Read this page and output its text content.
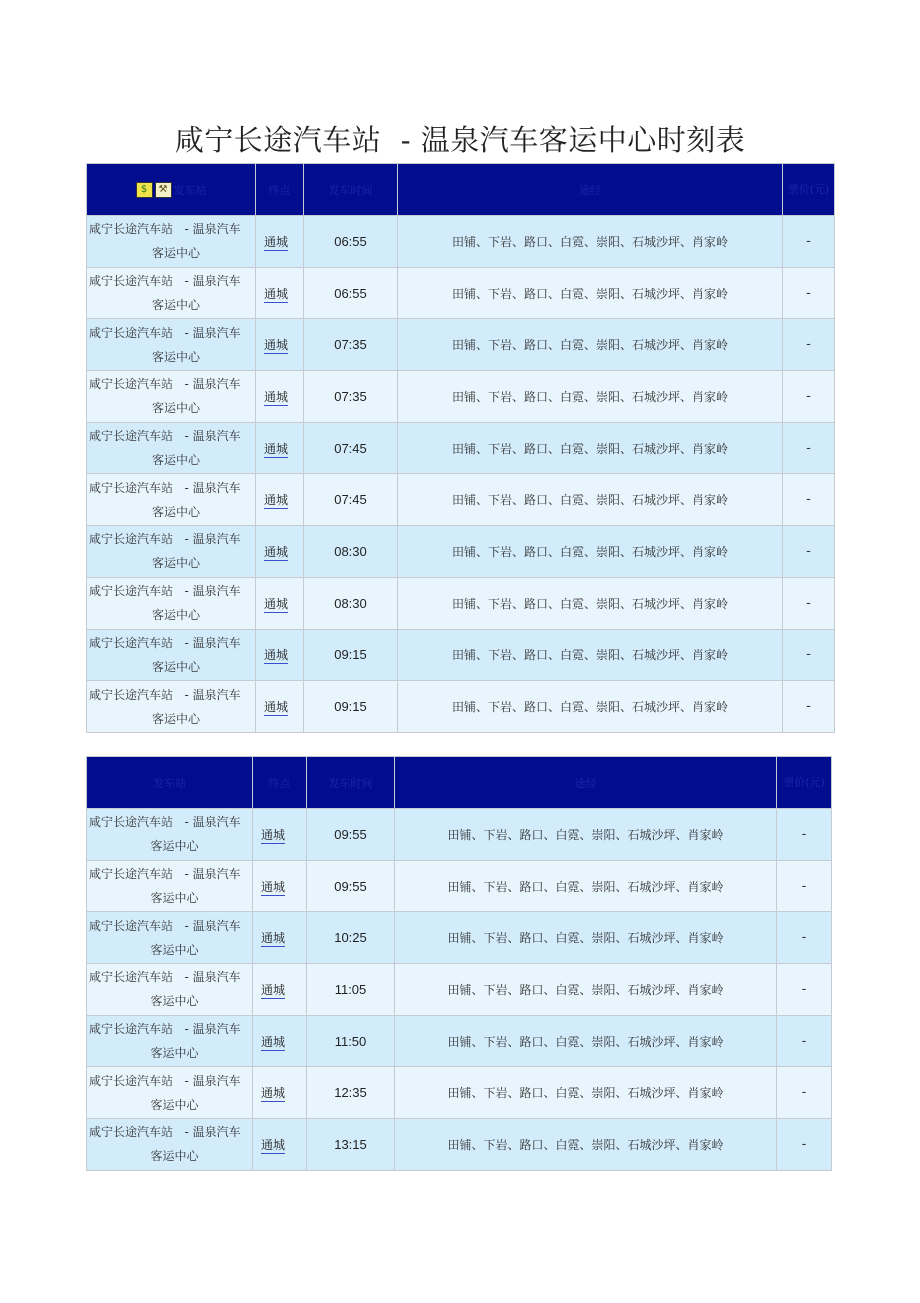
咸宁长途汽车站  - 温泉汽车客运中心时刻表
$ ⚒ 发车站	终点	发车时间	途经	票价(元)

咸宁长途汽车站   - 温泉汽车
客运中心	通城	06:55	田铺、下岩、路口、白霓、崇阳、石城沙坪、肖家岭	-

咸宁长途汽车站   - 温泉汽车
客运中心	通城	06:55	田铺、下岩、路口、白霓、崇阳、石城沙坪、肖家岭	-

咸宁长途汽车站   - 温泉汽车
客运中心	通城	07:35	田铺、下岩、路口、白霓、崇阳、石城沙坪、肖家岭	-

咸宁长途汽车站   - 温泉汽车
客运中心	通城	07:35	田铺、下岩、路口、白霓、崇阳、石城沙坪、肖家岭	-

咸宁长途汽车站   - 温泉汽车
客运中心	通城	07:45	田铺、下岩、路口、白霓、崇阳、石城沙坪、肖家岭	-

咸宁长途汽车站   - 温泉汽车
客运中心	通城	07:45	田铺、下岩、路口、白霓、崇阳、石城沙坪、肖家岭	-

咸宁长途汽车站   - 温泉汽车
客运中心	通城	08:30	田铺、下岩、路口、白霓、崇阳、石城沙坪、肖家岭	-

咸宁长途汽车站   - 温泉汽车
客运中心	通城	08:30	田铺、下岩、路口、白霓、崇阳、石城沙坪、肖家岭	-

咸宁长途汽车站   - 温泉汽车
客运中心	通城	09:15	田铺、下岩、路口、白霓、崇阳、石城沙坪、肖家岭	-

咸宁长途汽车站   - 温泉汽车
客运中心	通城	09:15	田铺、下岩、路口、白霓、崇阳、石城沙坪、肖家岭	-
发车站	终点	发车时间	途经	票价(元)

咸宁长途汽车站   - 温泉汽车
客运中心	通城	09:55	田铺、下岩、路口、白霓、崇阳、石城沙坪、肖家岭	-

咸宁长途汽车站   - 温泉汽车
客运中心	通城	09:55	田铺、下岩、路口、白霓、崇阳、石城沙坪、肖家岭	-

咸宁长途汽车站   - 温泉汽车
客运中心	通城	10:25	田铺、下岩、路口、白霓、崇阳、石城沙坪、肖家岭	-

咸宁长途汽车站   - 温泉汽车
客运中心	通城	11:05	田铺、下岩、路口、白霓、崇阳、石城沙坪、肖家岭	-

咸宁长途汽车站   - 温泉汽车
客运中心	通城	11:50	田铺、下岩、路口、白霓、崇阳、石城沙坪、肖家岭	-

咸宁长途汽车站   - 温泉汽车
客运中心	通城	12:35	田铺、下岩、路口、白霓、崇阳、石城沙坪、肖家岭	-

咸宁长途汽车站   - 温泉汽车
客运中心	通城	13:15	田铺、下岩、路口、白霓、崇阳、石城沙坪、肖家岭	-
